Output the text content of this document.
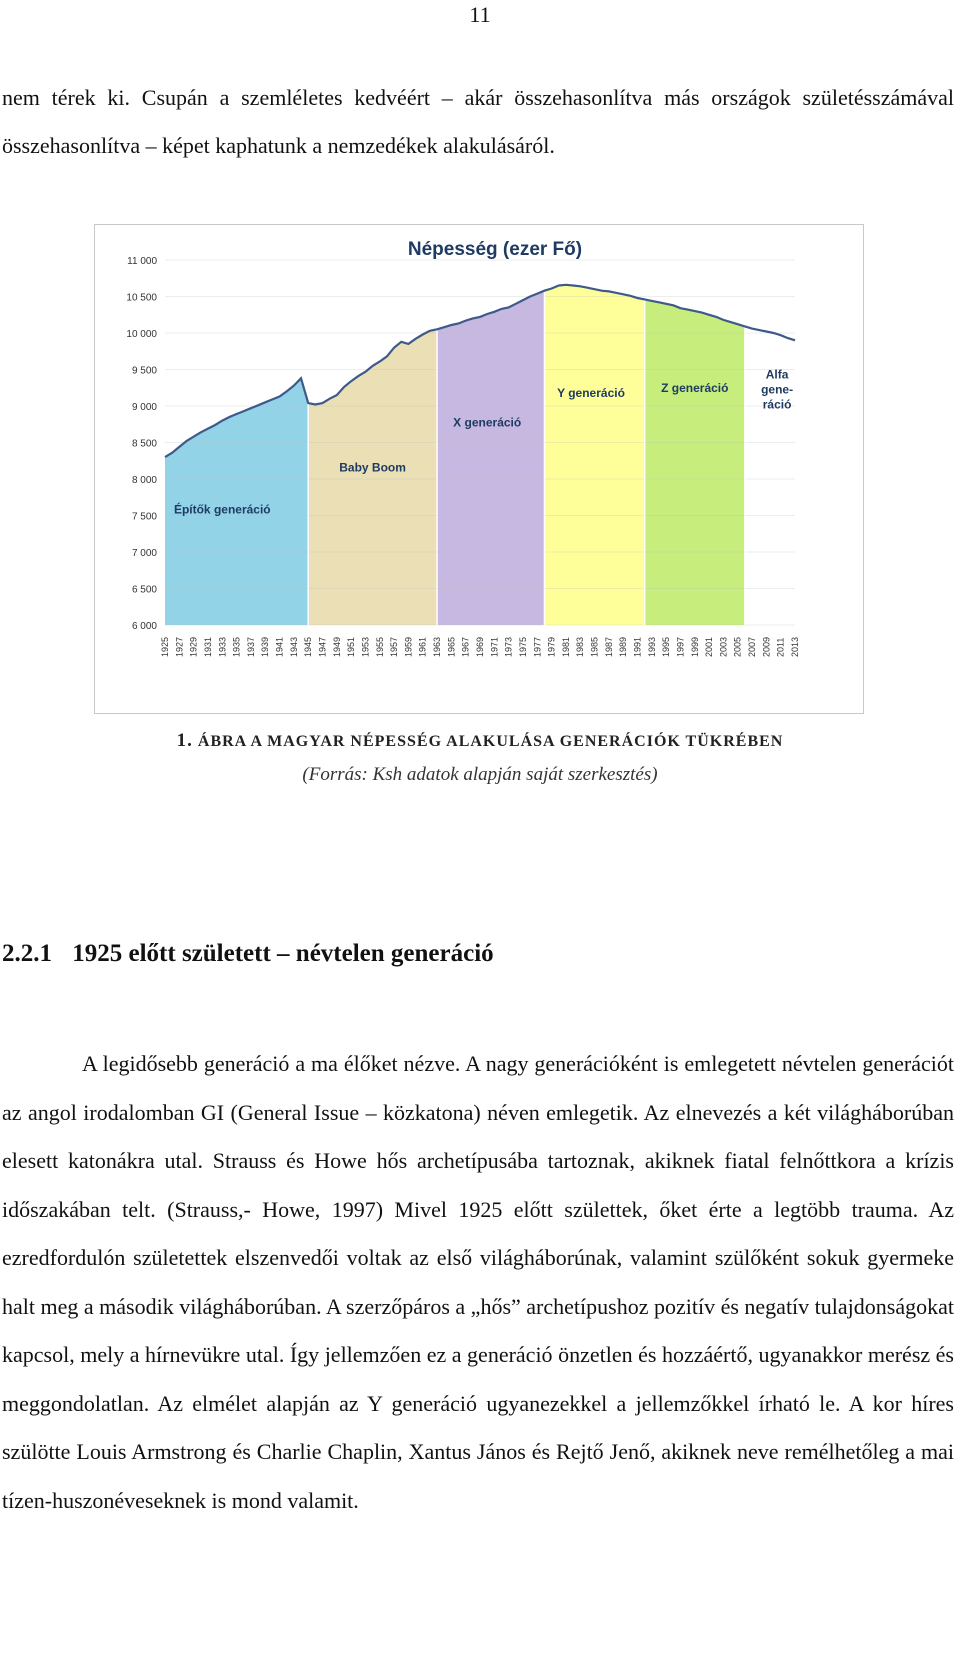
11

nem térek ki. Csupán a szemléletes kedvéért – akár összehasonlítva más országok születésszámával összehasonlítva – képet kaphatunk a nemzedékek alakulásáról.

11 000
10 500
10 000
9 500
9 000
8 500
8 000
7 500
7 000
6 500
6 000
1925 1927 1929 1931 1933 1935 1937 1939 1941 1943 1945 1947 1949 1951 1953 1955 1957 1959 1961 1963 1965 1967 1969 1971 1973 1975 1977 1979 1981 1983 1985 1987 1989 1991 1993 1995 1997 1999 2001 2003 2005 2007 2009 2011 2013
Építők generáció
Baby Boom
X generáció
Y generáció	Z generáció
Alfa gene-ráció
Népesség (ezer Fő)
1. ÁBRA A MAGYAR NÉPESSÉG ALAKULÁSA GENERÁCIÓK TÜKRÉBEN
(Forrás: Ksh adatok alapján saját szerkesztés)
2.2.1 1925 előtt született – névtelen generáció

A legidősebb generáció a ma élőket nézve. A nagy generációként is emlegetett névtelen generációt az angol irodalomban GI (General Issue – közkatona) néven emlegetik. Az elnevezés a két világháborúban elesett katonákra utal. Strauss és Howe hős archetípusába tartoznak, akiknek fiatal felnőttkora a krízis időszakában telt. (Strauss,- Howe, 1997) Mivel 1925 előtt születtek, őket érte a legtöbb trauma. Az ezredfordulón születettek elszenvedői voltak az első világháborúnak, valamint szülőként sokuk gyermeke halt meg a második világháborúban. A szerzőpáros a „hős” archetípushoz pozitív és negatív tulajdonságokat kapcsol, mely a hírnevükre utal. Így jellemzően ez a generáció önzetlen és hozzáértő, ugyanakkor merész és meggondolatlan. Az elmélet alapján az Y generáció ugyanezekkel a jellemzőkkel írható le. A kor híres szülötte Louis Armstrong és Charlie Chaplin, Xantus János és Rejtő Jenő, akiknek neve remélhetőleg a mai tízen-huszonéveseknek is mond valamit.
